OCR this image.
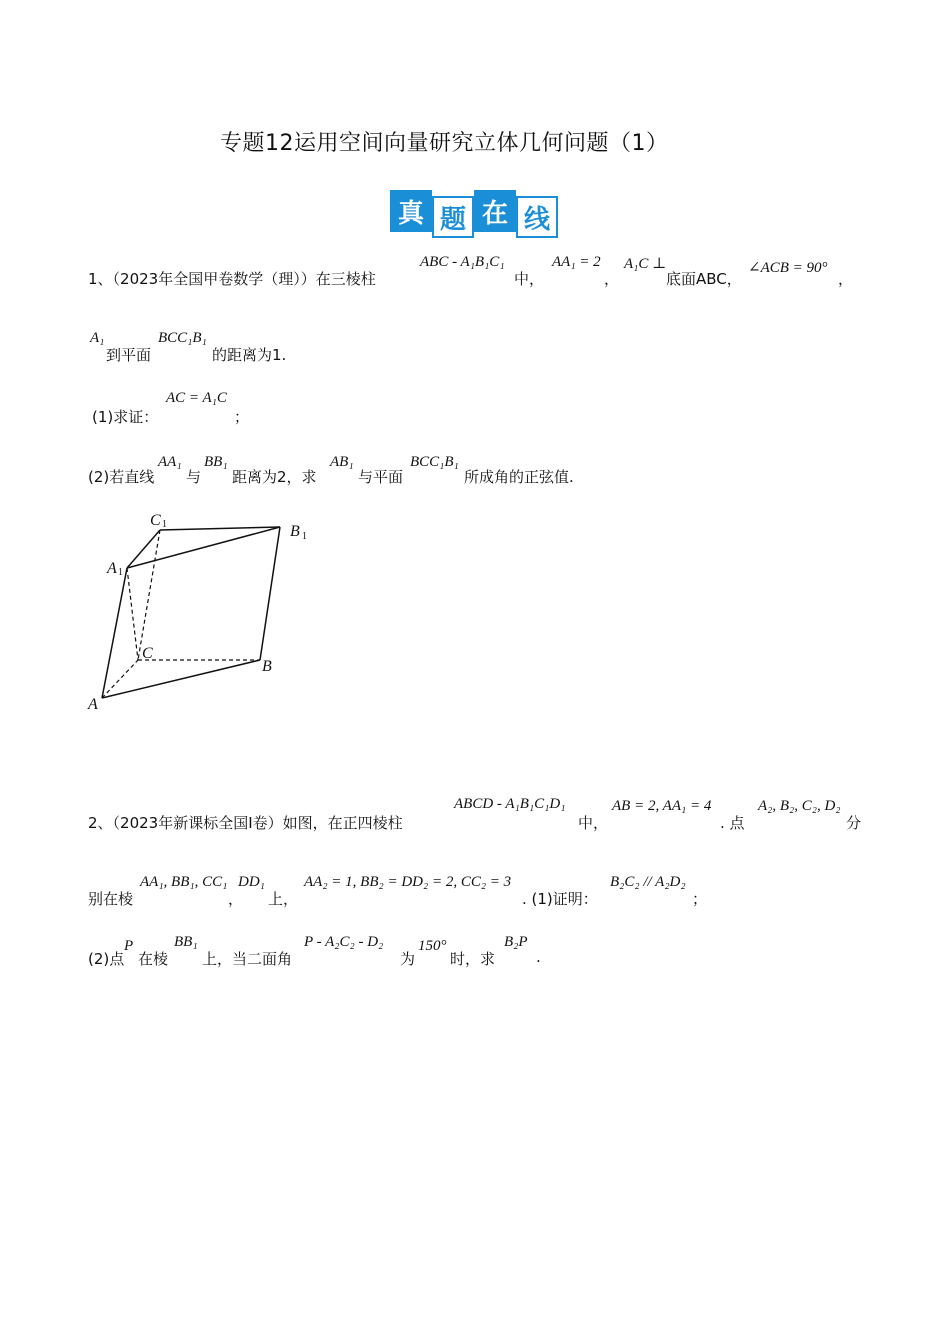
专题12运用空间向量研究立体几何问题（1）
真 题 在 线
1、（2023年全国甲卷数学（理））在三棱柱
ABC - A₁B₁C₁
中，
AA₁ = 2
，
A₁C ⊥
底面ABC，
∠ACB = 90°
，
A₁
到平面
BCC₁B₁
的距离为1.
(1)求证：
AC = A₁C
；
(2)若直线
AA₁
与
BB₁
距离为2，求
AB₁
与平面
BCC₁B₁
所成角的正弦值.
C 1	B 1
A 1
C
B
A
2、（2023年新课标全国Ⅰ卷）如图，在正四棱柱
ABCD - A₁B₁C₁D₁
中，
AB = 2, AA₁ = 4
. 点
A₂, B₂, C₂, D₂
分
别在棱
AA₁, BB₁, CC₁
，
DD₁
上，
AA₂ = 1, BB₂ = DD₂ = 2, CC₂ = 3
. (1)证明：
B₂C₂ // A₂D₂
；
(2)点
P
在棱
BB₁
上，当二面角
P - A₂C₂ - D₂
为
150°
时，求
B₂P
.
